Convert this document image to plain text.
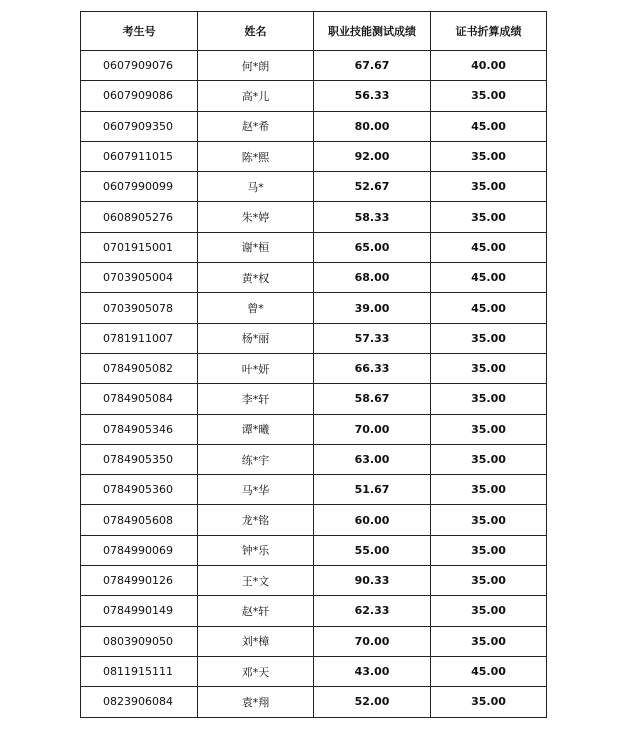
考生号	姓名	职业技能测试成绩	证书折算成绩
0607909076	何*朗	67.67	40.00
0607909086	高*儿	56.33	35.00
0607909350	赵*希	80.00	45.00
0607911015	陈*熙	92.00	35.00
0607990099	马*	52.67	35.00
0608905276	朱*婷	58.33	35.00
0701915001	谢*桓	65.00	45.00
0703905004	黄*权	68.00	45.00
0703905078	曾*	39.00	45.00
0781911007	杨*丽	57.33	35.00
0784905082	叶*妍	66.33	35.00
0784905084	李*轩	58.67	35.00
0784905346	谭*曦	70.00	35.00
0784905350	练*宇	63.00	35.00
0784905360	马*华	51.67	35.00
0784905608	龙*铭	60.00	35.00
0784990069	钟*乐	55.00	35.00
0784990126	王*文	90.33	35.00
0784990149	赵*轩	62.33	35.00
0803909050	刘*樟	70.00	35.00
0811915111	邓*天	43.00	45.00
0823906084	袁*翔	52.00	35.00
